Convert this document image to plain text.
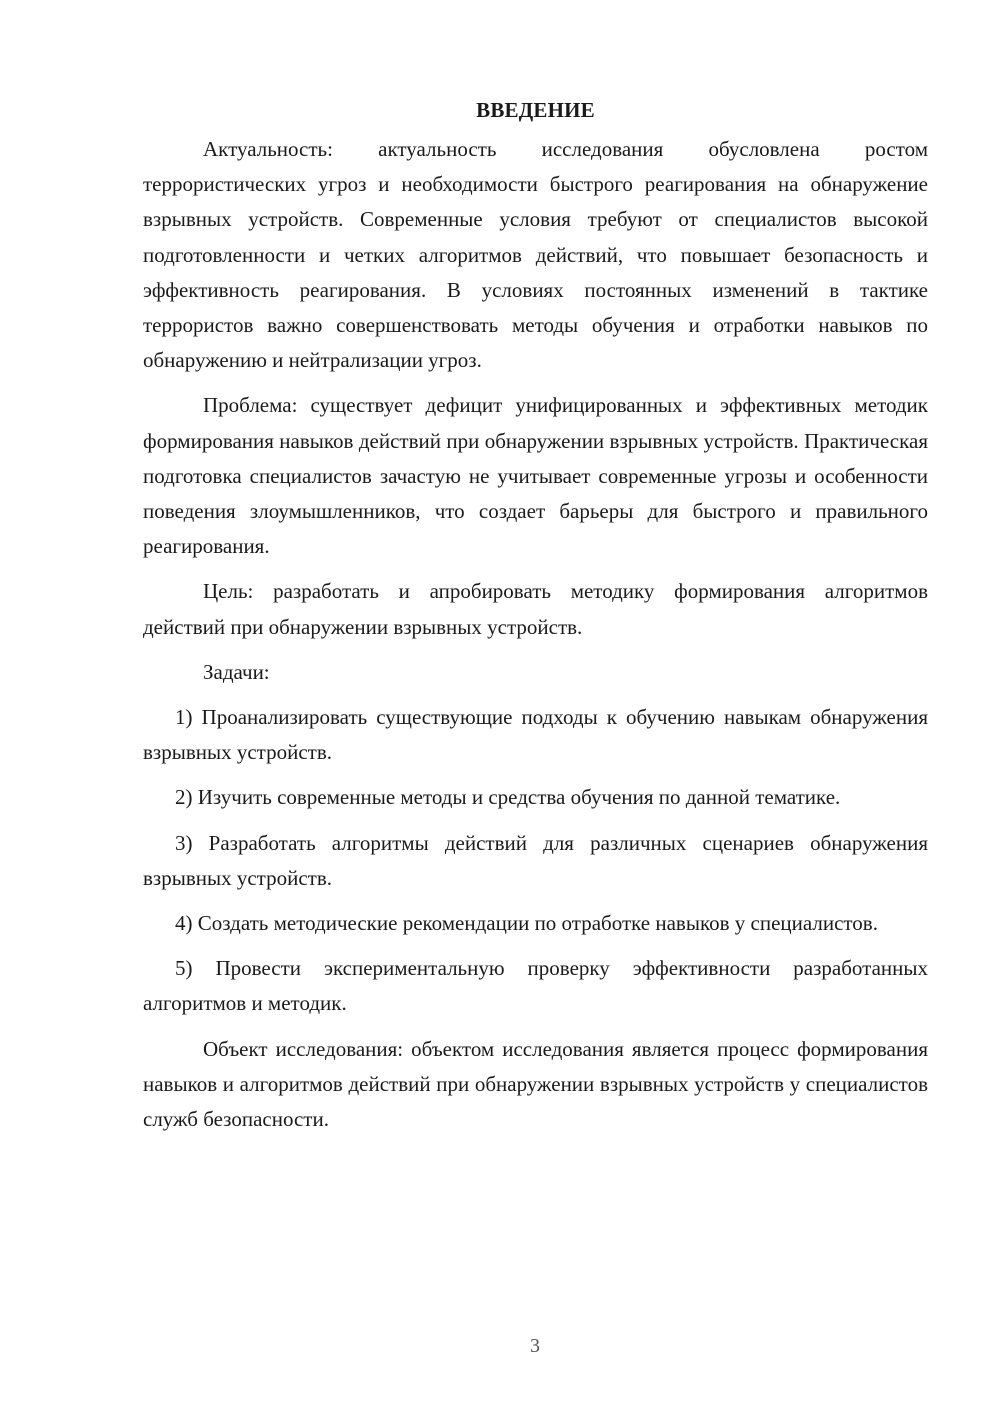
ВВЕДЕНИЕ

Актуальность: актуальность исследования обусловлена ростом террористических угроз и необходимости быстрого реагирования на обнаружение взрывных устройств. Современные условия требуют от специалистов высокой подготовленности и четких алгоритмов действий, что повышает безопасность и эффективность реагирования. В условиях постоянных изменений в тактике террористов важно совершенствовать методы обучения и отработки навыков по обнаружению и нейтрализации угроз.

Проблема: существует дефицит унифицированных и эффективных методик формирования навыков действий при обнаружении взрывных устройств. Практическая подготовка специалистов зачастую не учитывает современные угрозы и особенности поведения злоумышленников, что создает барьеры для быстрого и правильного реагирования.

Цель: разработать и апробировать методику формирования алгоритмов действий при обнаружении взрывных устройств.

Задачи:

1) Проанализировать существующие подходы к обучению навыкам обнаружения взрывных устройств.

2) Изучить современные методы и средства обучения по данной тематике.

3) Разработать алгоритмы действий для различных сценариев обнаружения взрывных устройств.

4) Создать методические рекомендации по отработке навыков у специалистов.

5) Провести экспериментальную проверку эффективности разработанных алгоритмов и методик.

Объект исследования: объектом исследования является процесс формирования навыков и алгоритмов действий при обнаружении взрывных устройств у специалистов служб безопасности.

3
